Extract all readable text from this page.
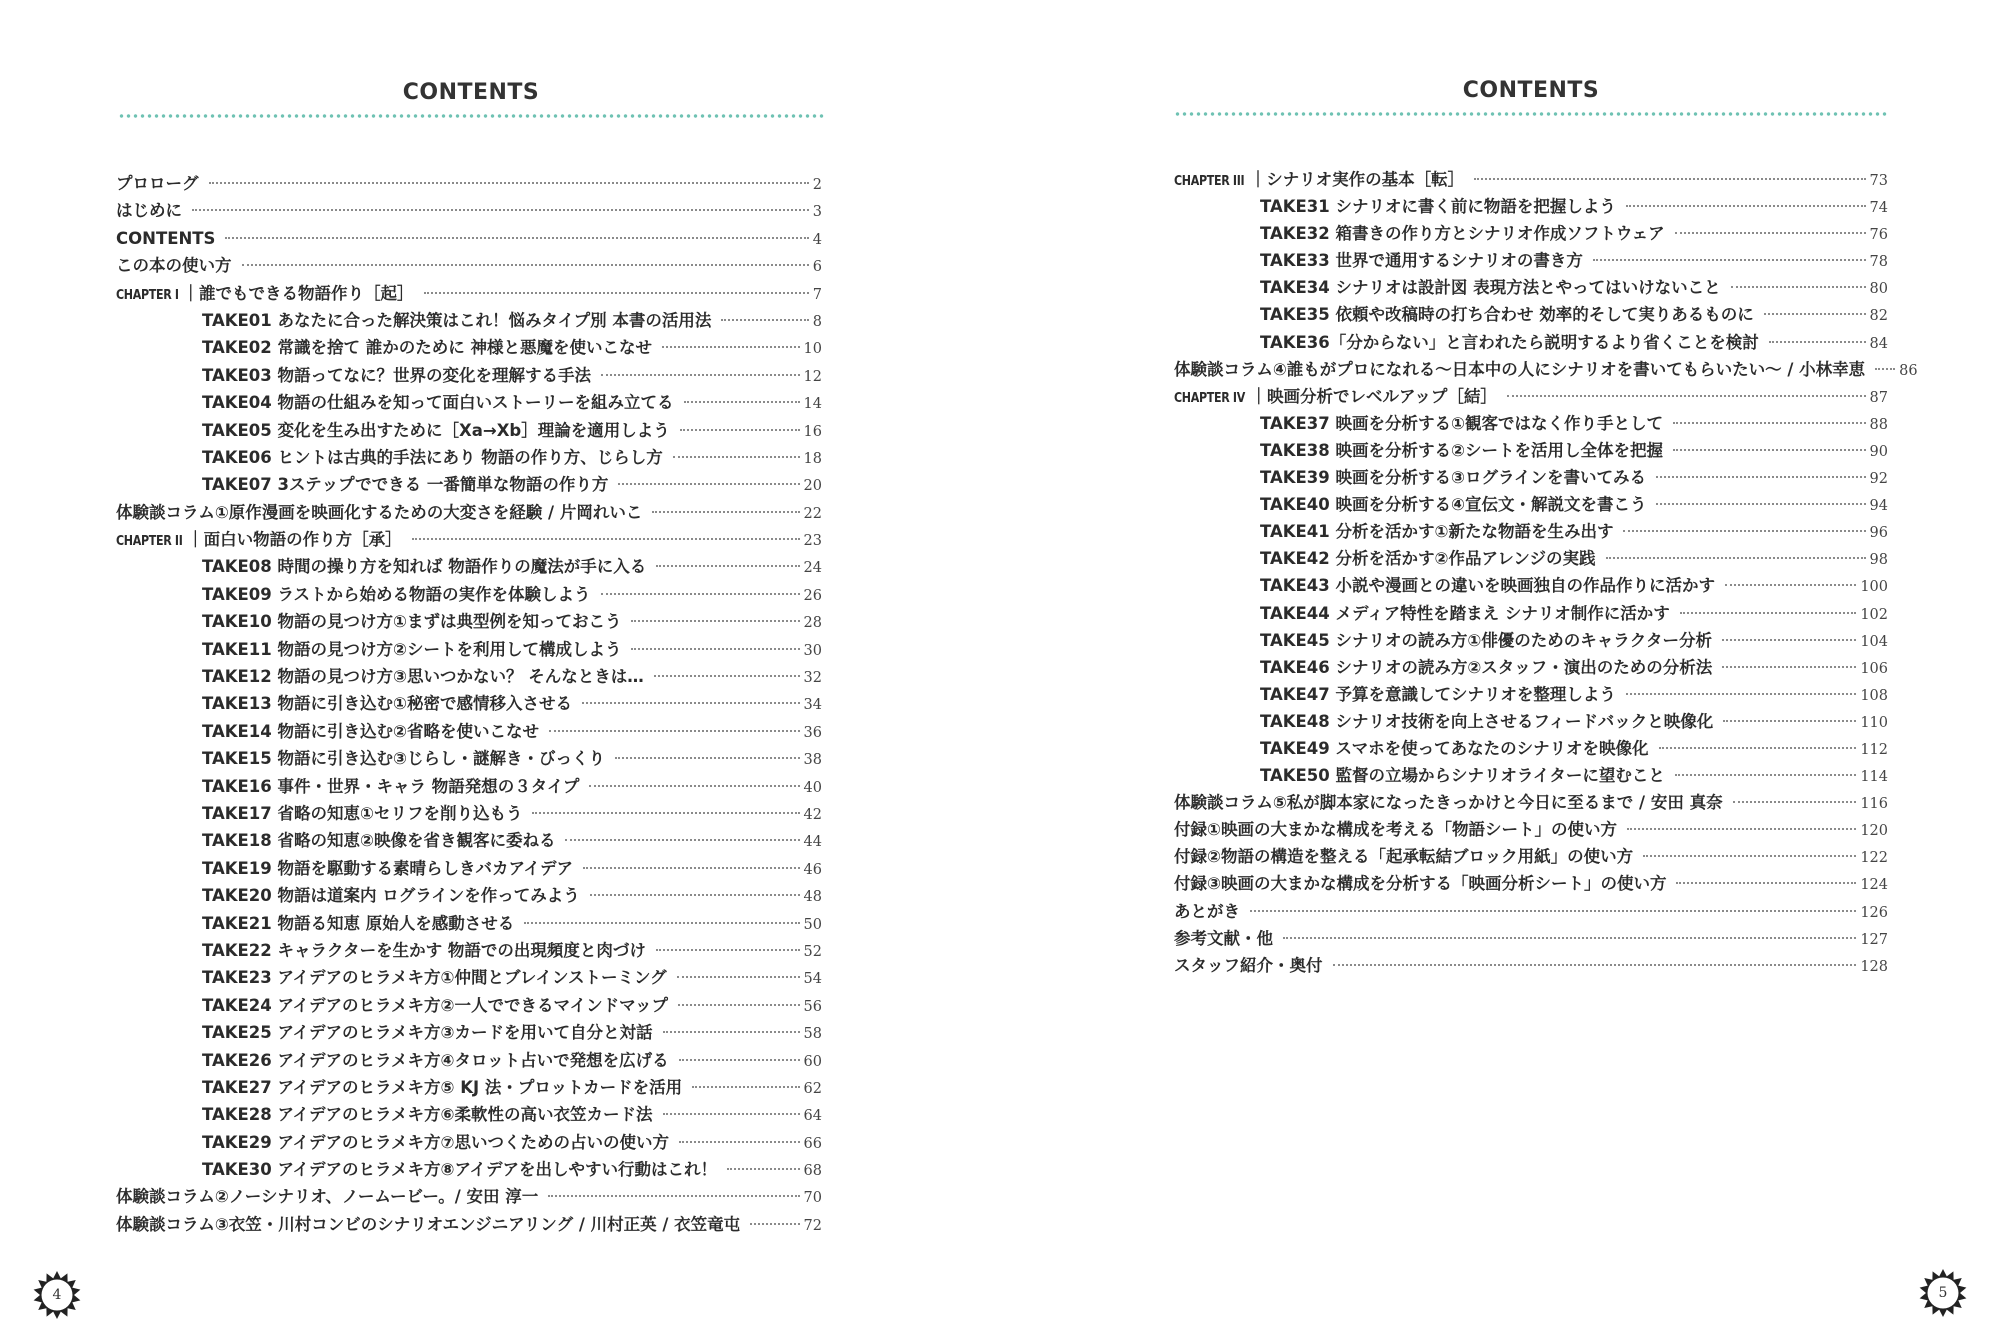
CONTENTS
プロローグ	2
はじめに	3
CONTENTS	4
この本の使い方	6
CHAPTER I ｜誰でもできる物語作り［起］	7
TAKE01 あなたに合った解決策はこれ！悩みタイプ別 本書の活用法	8
TAKE02 常識を捨て 誰かのために 神様と悪魔を使いこなせ	10
TAKE03 物語ってなに？世界の変化を理解する手法	12
TAKE04 物語の仕組みを知って面白いストーリーを組み立てる	14
TAKE05 変化を生み出すために［Xa→Xb］理論を適用しよう	16
TAKE06 ヒントは古典的手法にあり 物語の作り方、じらし方	18
TAKE07 3ステップでできる 一番簡単な物語の作り方	20
体験談コラム①原作漫画を映画化するための大変さを経験 / 片岡れいこ	22
CHAPTER II ｜面白い物語の作り方［承］	23
TAKE08 時間の操り方を知れば 物語作りの魔法が手に入る	24
TAKE09 ラストから始める物語の実作を体験しよう	26
TAKE10 物語の見つけ方①まずは典型例を知っておこう	28
TAKE11 物語の見つけ方②シートを利用して構成しよう	30
TAKE12 物語の見つけ方③思いつかない？ そんなときは…	32
TAKE13 物語に引き込む①秘密で感情移入させる	34
TAKE14 物語に引き込む②省略を使いこなせ	36
TAKE15 物語に引き込む③じらし・謎解き・びっくり	38
TAKE16 事件・世界・キャラ 物語発想の３タイプ	40
TAKE17 省略の知恵①セリフを削り込もう	42
TAKE18 省略の知恵②映像を省き観客に委ねる	44
TAKE19 物語を駆動する素晴らしきバカアイデア	46
TAKE20 物語は道案内 ログラインを作ってみよう	48
TAKE21 物語る知恵 原始人を感動させる	50
TAKE22 キャラクターを生かす 物語での出現頻度と肉づけ	52
TAKE23 アイデアのヒラメキ方①仲間とブレインストーミング	54
TAKE24 アイデアのヒラメキ方②一人でできるマインドマップ	56
TAKE25 アイデアのヒラメキ方③カードを用いて自分と対話	58
TAKE26 アイデアのヒラメキ方④タロット占いで発想を広げる	60
TAKE27 アイデアのヒラメキ方⑤ KJ 法・プロットカードを活用	62
TAKE28 アイデアのヒラメキ方⑥柔軟性の高い衣笠カード法	64
TAKE29 アイデアのヒラメキ方⑦思いつくための占いの使い方	66
TAKE30 アイデアのヒラメキ方⑧アイデアを出しやすい行動はこれ！	68
体験談コラム②ノーシナリオ、ノームービー。/ 安田 淳一	70
体験談コラム③衣笠・川村コンビのシナリオエンジニアリング / 川村正英 / 衣笠竜屯	72
4
CONTENTS
CHAPTER III ｜シナリオ実作の基本［転］	73
TAKE31 シナリオに書く前に物語を把握しよう	74
TAKE32 箱書きの作り方とシナリオ作成ソフトウェア	76
TAKE33 世界で通用するシナリオの書き方	78
TAKE34 シナリオは設計図 表現方法とやってはいけないこと	80
TAKE35 依頼や改稿時の打ち合わせ 効率的そして実りあるものに	82
TAKE36「分からない」と言われたら説明するより省くことを検討	84
体験談コラム④誰もがプロになれる〜日本中の人にシナリオを書いてもらいたい〜 / 小林幸恵 86
CHAPTER IV ｜映画分析でレベルアップ［結］	87
TAKE37 映画を分析する①観客ではなく作り手として	88
TAKE38 映画を分析する②シートを活用し全体を把握	90
TAKE39 映画を分析する③ログラインを書いてみる	92
TAKE40 映画を分析する④宣伝文・解説文を書こう	94
TAKE41 分析を活かす①新たな物語を生み出す	96
TAKE42 分析を活かす②作品アレンジの実践	98
TAKE43 小説や漫画との違いを映画独自の作品作りに活かす	100
TAKE44 メディア特性を踏まえ シナリオ制作に活かす	102
TAKE45 シナリオの読み方①俳優のためのキャラクター分析	104
TAKE46 シナリオの読み方②スタッフ・演出のための分析法	106
TAKE47 予算を意識してシナリオを整理しよう	108
TAKE48 シナリオ技術を向上させるフィードバックと映像化	110
TAKE49 スマホを使ってあなたのシナリオを映像化	112
TAKE50 監督の立場からシナリオライターに望むこと	114
体験談コラム⑤私が脚本家になったきっかけと今日に至るまで / 安田 真奈	116
付録①映画の大まかな構成を考える「物語シート」の使い方	120
付録②物語の構造を整える「起承転結ブロック用紙」の使い方	122
付録③映画の大まかな構成を分析する「映画分析シート」の使い方	124
あとがき	126
参考文献・他	127
スタッフ紹介・奥付	128
5
